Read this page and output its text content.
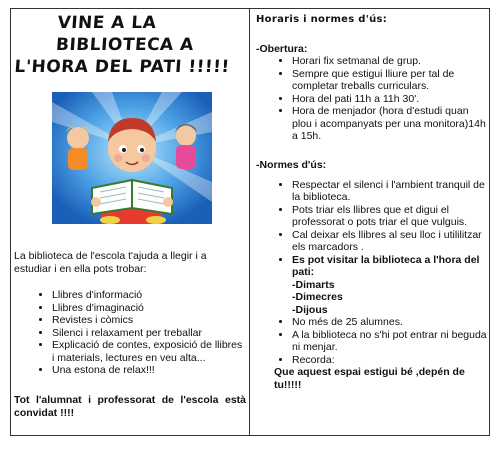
VINE A LA BIBLIOTECA A
L'HORA DEL PATI !!!!!
La biblioteca de l'escola t'ajuda a llegir i a estudiar i en ella pots trobar:
• Llibres d'informació
• Llibres d'imaginació
• Revistes i còmics
• Silenci i relaxament per treballar
• Explicació de contes, exposició de llibres i materials, lectures en veu alta...
• Una estona de relax!!!
Tot l'alumnat i professorat de l'escola està convidat !!!!
Horaris i normes d'ús:
-Obertura:
• Horari fix setmanal de grup.
• Sempre que estigui lliure per tal de completar treballs curriculars.
• Hora del pati 11h a 11h 30'.
• Hora de menjador (hora d'estudi quan plou i acompanyats per una monitora)14h a 15h.
-Normes d'ús:
• Respectar el silenci i l'ambient tranquil de la biblioteca.
• Pots triar els llibres que et digui el professorat o pots triar el que vulguis.
• Cal deixar els llibres al seu lloc i utililitzar els marcadors .
• Es pot visitar la biblioteca a l'hora del pati:
-Dimarts
-Dimecres
-Dijous
• No més de 25 alumnes.
• A la biblioteca no s'hi pot entrar ni beguda ni menjar.
• Recorda:
Que aquest espai estigui bé ,depén de tu!!!!!
